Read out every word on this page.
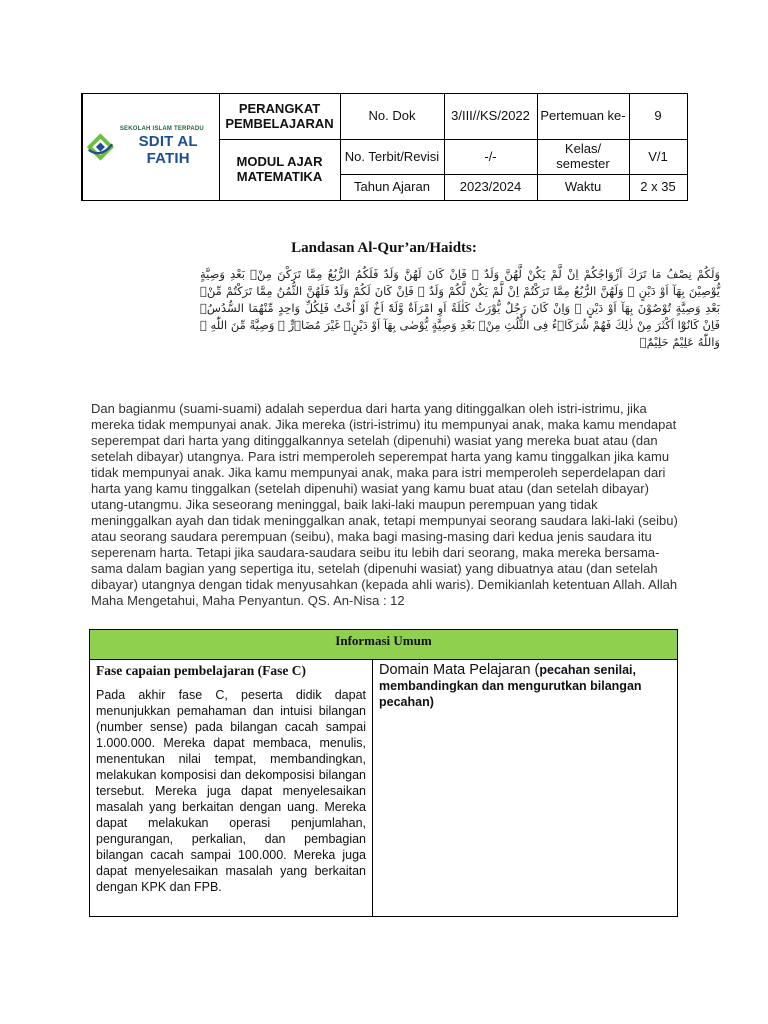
SEKOLAH ISLAM TERPADU
SDIT AL FATIH	PERANGKAT PEMBELAJARAN	No. Dok	3/III//KS/2022	Pertemuan ke-	9
	MODUL AJAR MATEMATIKA	No. Terbit/Revisi	-/-	Kelas/ semester	V/1
		Tahun Ajaran	2023/2024	Waktu	2 x 35
Landasan Al-Qur’an/Haidts:
وَلَكُمْ نِصْفُ مَا تَرَكَ اَزْوَاجُكُمْ اِنْ لَّمْ يَكُنْ لَّهُنَّ وَلَدٌ ۚ فَاِنْ كَانَ لَهُنَّ وَلَدٌ فَلَكُمُ الرُّبُعُ مِمَّا تَرَكْنَ مِنْۢ بَعْدِ وَصِيَّةٍ يُّوْصِيْنَ بِهَآ اَوْ دَيْنٍ ۗ وَلَهُنَّ الرُّبُعُ مِمَّا تَرَكْتُمْ اِنْ لَّمْ يَكُنْ لَّكُمْ وَلَدٌ ۚ فَاِنْ كَانَ لَكُمْ وَلَدٌ فَلَهُنَّ الثُّمُنُ مِمَّا تَرَكْتُمْ مِّنْۢ بَعْدِ وَصِيَّةٍ تُوْصُوْنَ بِهَآ اَوْ دَيْنٍ ۗ وَاِنْ كَانَ رَجُلٌ يُّوْرَثُ كَلٰلَةً اَوِ امْرَاَةٌ وَّلَهٗٓ اَخٌ اَوْ اُخْتٌ فَلِكُلِّ وَاحِدٍ مِّنْهُمَا السُّدُسُۚ فَاِنْ كَانُوْٓا اَكْثَرَ مِنْ ذٰلِكَ فَهُمْ شُرَكَاۤءُ فِى الثُّلُثِ مِنْۢ بَعْدِ وَصِيَّةٍ يُّوْصٰى بِهَآ اَوْ دَيْنٍۙ غَيْرَ مُضَاۤرٍّ ۚ وَصِيَّةً مِّنَ اللّٰهِ ۗ وَاللّٰهُ عَلِيْمٌ حَلِيْمٌۗ
Dan bagianmu (suami-suami) adalah seperdua dari harta yang ditinggalkan oleh istri-istrimu, jika mereka tidak mempunyai anak. Jika mereka (istri-istrimu) itu mempunyai anak, maka kamu mendapat seperempat dari harta yang ditinggalkannya setelah (dipenuhi) wasiat yang mereka buat atau (dan setelah dibayar) utangnya. Para istri memperoleh seperempat harta yang kamu tinggalkan jika kamu tidak mempunyai anak. Jika kamu mempunyai anak, maka para istri memperoleh seperdelapan dari harta yang kamu tinggalkan (setelah dipenuhi) wasiat yang kamu buat atau (dan setelah dibayar) utang-utangmu. Jika seseorang meninggal, baik laki-laki maupun perempuan yang tidak meninggalkan ayah dan tidak meninggalkan anak, tetapi mempunyai seorang saudara laki-laki (seibu) atau seorang saudara perempuan (seibu), maka bagi masing-masing dari kedua jenis saudara itu seperenam harta. Tetapi jika saudara-saudara seibu itu lebih dari seorang, maka mereka bersama-sama dalam bagian yang sepertiga itu, setelah (dipenuhi wasiat) yang dibuatnya atau (dan setelah dibayar) utangnya dengan tidak menyusahkan (kepada ahli waris). Demikianlah ketentuan Allah. Allah Maha Mengetahui, Maha Penyantun. QS. An-Nisa : 12
Informasi Umum

Fase capaian pembelajaran (Fase C)

Pada akhir fase C, peserta didik dapat menunjukkan pemahaman dan intuisi bilangan (number sense) pada bilangan cacah sampai 1.000.000. Mereka dapat membaca, menulis, menentukan nilai tempat, membandingkan, melakukan komposisi dan dekomposisi bilangan tersebut. Mereka juga dapat menyelesaikan masalah yang berkaitan dengan uang. Mereka dapat melakukan operasi penjumlahan, pengurangan, perkalian, dan pembagian bilangan cacah sampai 100.000. Mereka juga dapat menyelesaikan masalah yang berkaitan dengan KPK dan FPB.

Domain Mata Pelajaran (pecahan senilai, membandingkan dan mengurutkan bilangan pecahan)
